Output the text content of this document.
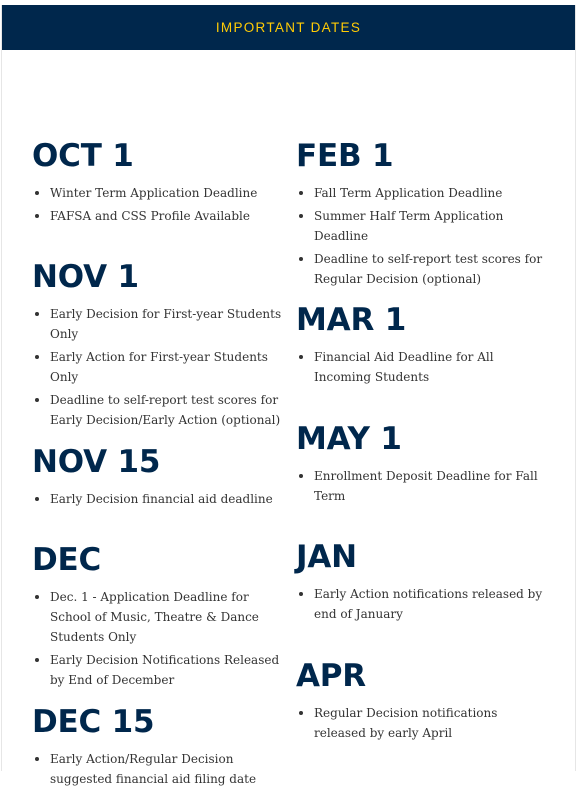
IMPORTANT DATES
OCT 1
Winter Term Application Deadline
FAFSA and CSS Profile Available
NOV 1
Early Decision for First-year Students Only
Early Action for First-year Students Only
Deadline to self-report test scores for Early Decision/Early Action (optional)
NOV 15
Early Decision financial aid deadline
DEC
Dec. 1 - Application Deadline for School of Music, Theatre & Dance Students Only
Early Decision Notifications Released by End of December
DEC 15
Early Action/Regular Decision suggested financial aid filing date
FEB 1
Fall Term Application Deadline
Summer Half Term Application Deadline
Deadline to self-report test scores for Regular Decision (optional)
MAR 1
Financial Aid Deadline for All Incoming Students
MAY 1
Enrollment Deposit Deadline for Fall Term
JAN
Early Action notifications released by end of January
APR
Regular Decision notifications released by early April
